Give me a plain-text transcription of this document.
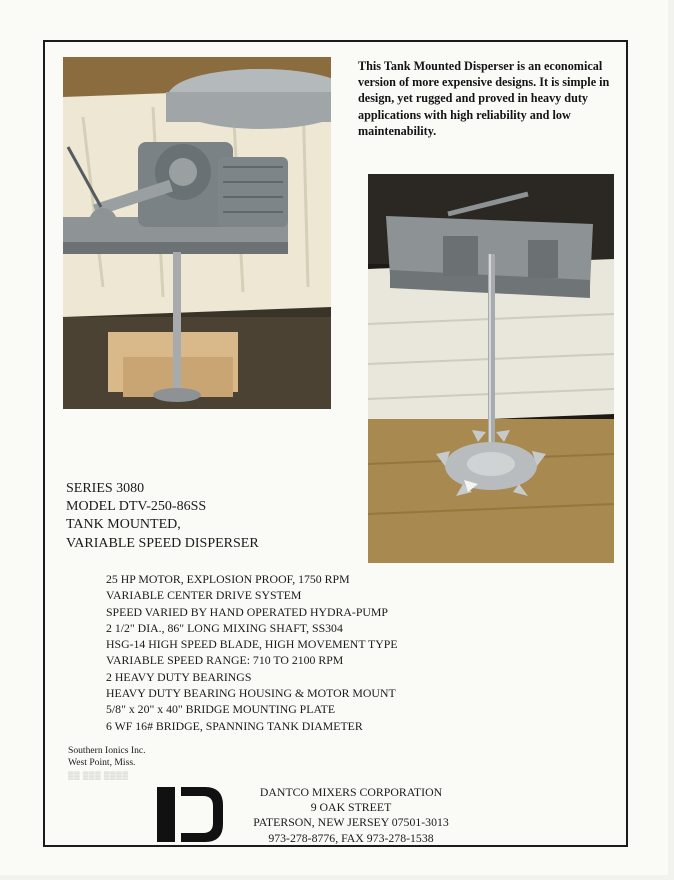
This Tank Mounted Disperser is an economical version of more expensive designs. It is simple in design, yet rugged and proved in heavy duty applications with high reliability and low maintenability.

SERIES 3080
MODEL DTV-250-86SS
TANK MOUNTED,
VARIABLE SPEED DISPERSER
25 HP MOTOR, EXPLOSION PROOF, 1750 RPM
VARIABLE CENTER DRIVE SYSTEM
SPEED VARIED BY HAND OPERATED HYDRA-PUMP
2 1/2" DIA., 86" LONG MIXING SHAFT, SS304
HSG-14 HIGH SPEED BLADE, HIGH MOVEMENT TYPE
VARIABLE SPEED RANGE: 710 TO 2100 RPM
2 HEAVY DUTY BEARINGS
HEAVY DUTY BEARING HOUSING & MOTOR MOUNT
5/8" x 20" x 40" BRIDGE MOUNTING PLATE
6 WF 16# BRIDGE, SPANNING TANK DIAMETER
Southern Ionics Inc.
West Point, Miss.
▒▒ ▒▒▒ ▒▒▒▒
DANTCO MIXERS CORPORATION
9 OAK STREET
PATERSON, NEW JERSEY 07501-3013
973-278-8776, FAX 973-278-1538
